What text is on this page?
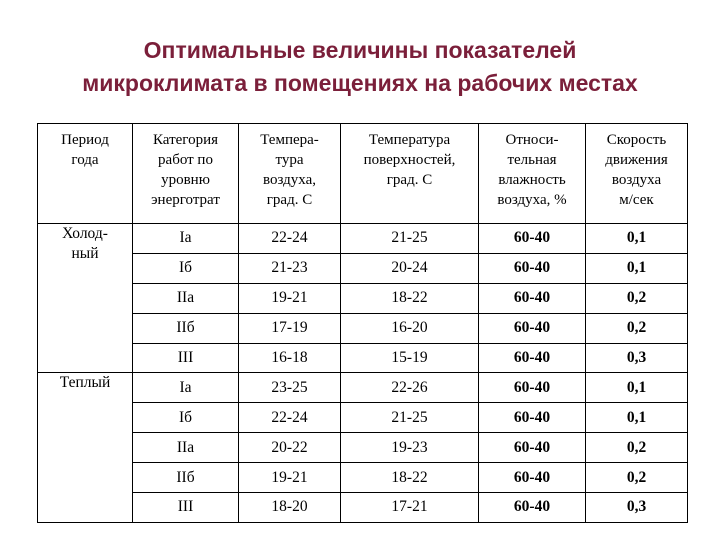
Оптимальные величины показателей
микроклимата в помещениях на рабочих местах
Период
года	Категория
работ по
уровню
энерготрат	Темпера-
тура
воздуха,
град. С	Температура
поверхностей,
град. С	Относи-
тельная
влажность
воздуха, %	Скорость
движения
воздуха
м/сек

Холод-
ный	Ia	22-24	21-25	60-40	0,1
	Iб	21-23	20-24	60-40	0,1
	IIa	19-21	18-22	60-40	0,2
	IIб	17-19	16-20	60-40	0,2
	III	16-18	15-19	60-40	0,3

Теплый	Ia	23-25	22-26	60-40	0,1
	Iб	22-24	21-25	60-40	0,1
	IIa	20-22	19-23	60-40	0,2
	IIб	19-21	18-22	60-40	0,2
	III	18-20	17-21	60-40	0,3
